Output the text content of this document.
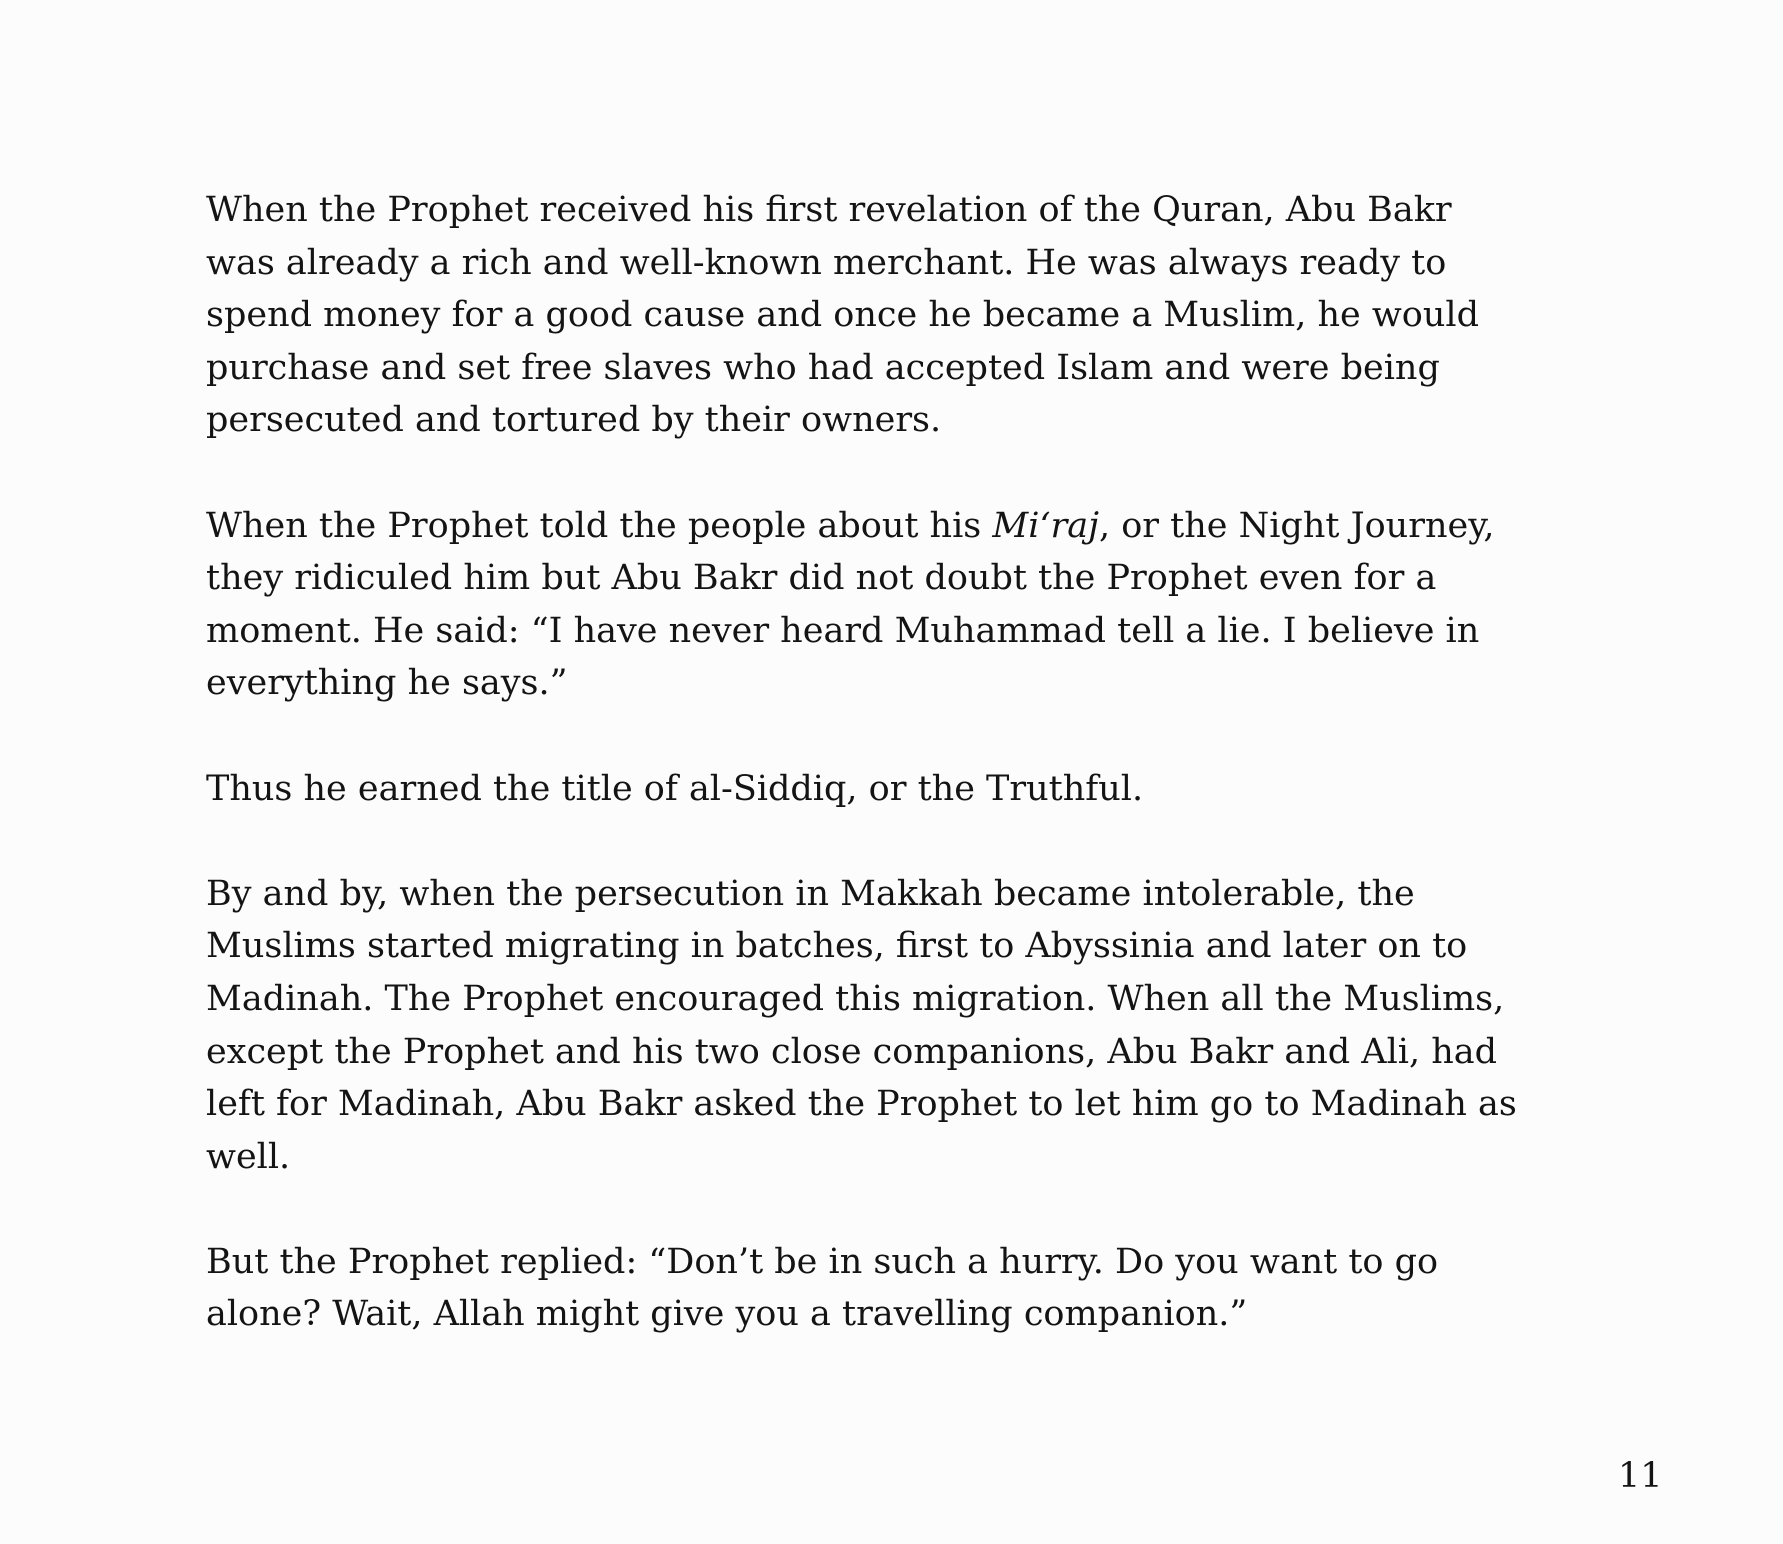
When the Prophet received his first revelation of the Quran, Abu Bakr
was already a rich and well-known merchant. He was always ready to
spend money for a good cause and once he became a Muslim, he would
purchase and set free slaves who had accepted Islam and were being
persecuted and tortured by their owners.

When the Prophet told the people about his Mi‘raj, or the Night Journey,
they ridiculed him but Abu Bakr did not doubt the Prophet even for a
moment. He said: “I have never heard Muhammad tell a lie. I believe in
everything he says.”

Thus he earned the title of al-Siddiq, or the Truthful.

By and by, when the persecution in Makkah became intolerable, the
Muslims started migrating in batches, first to Abyssinia and later on to
Madinah. The Prophet encouraged this migration. When all the Muslims,
except the Prophet and his two close companions, Abu Bakr and Ali, had
left for Madinah, Abu Bakr asked the Prophet to let him go to Madinah as
well.

But the Prophet replied: “Don’t be in such a hurry. Do you want to go
alone? Wait, Allah might give you a travelling companion.”

11
